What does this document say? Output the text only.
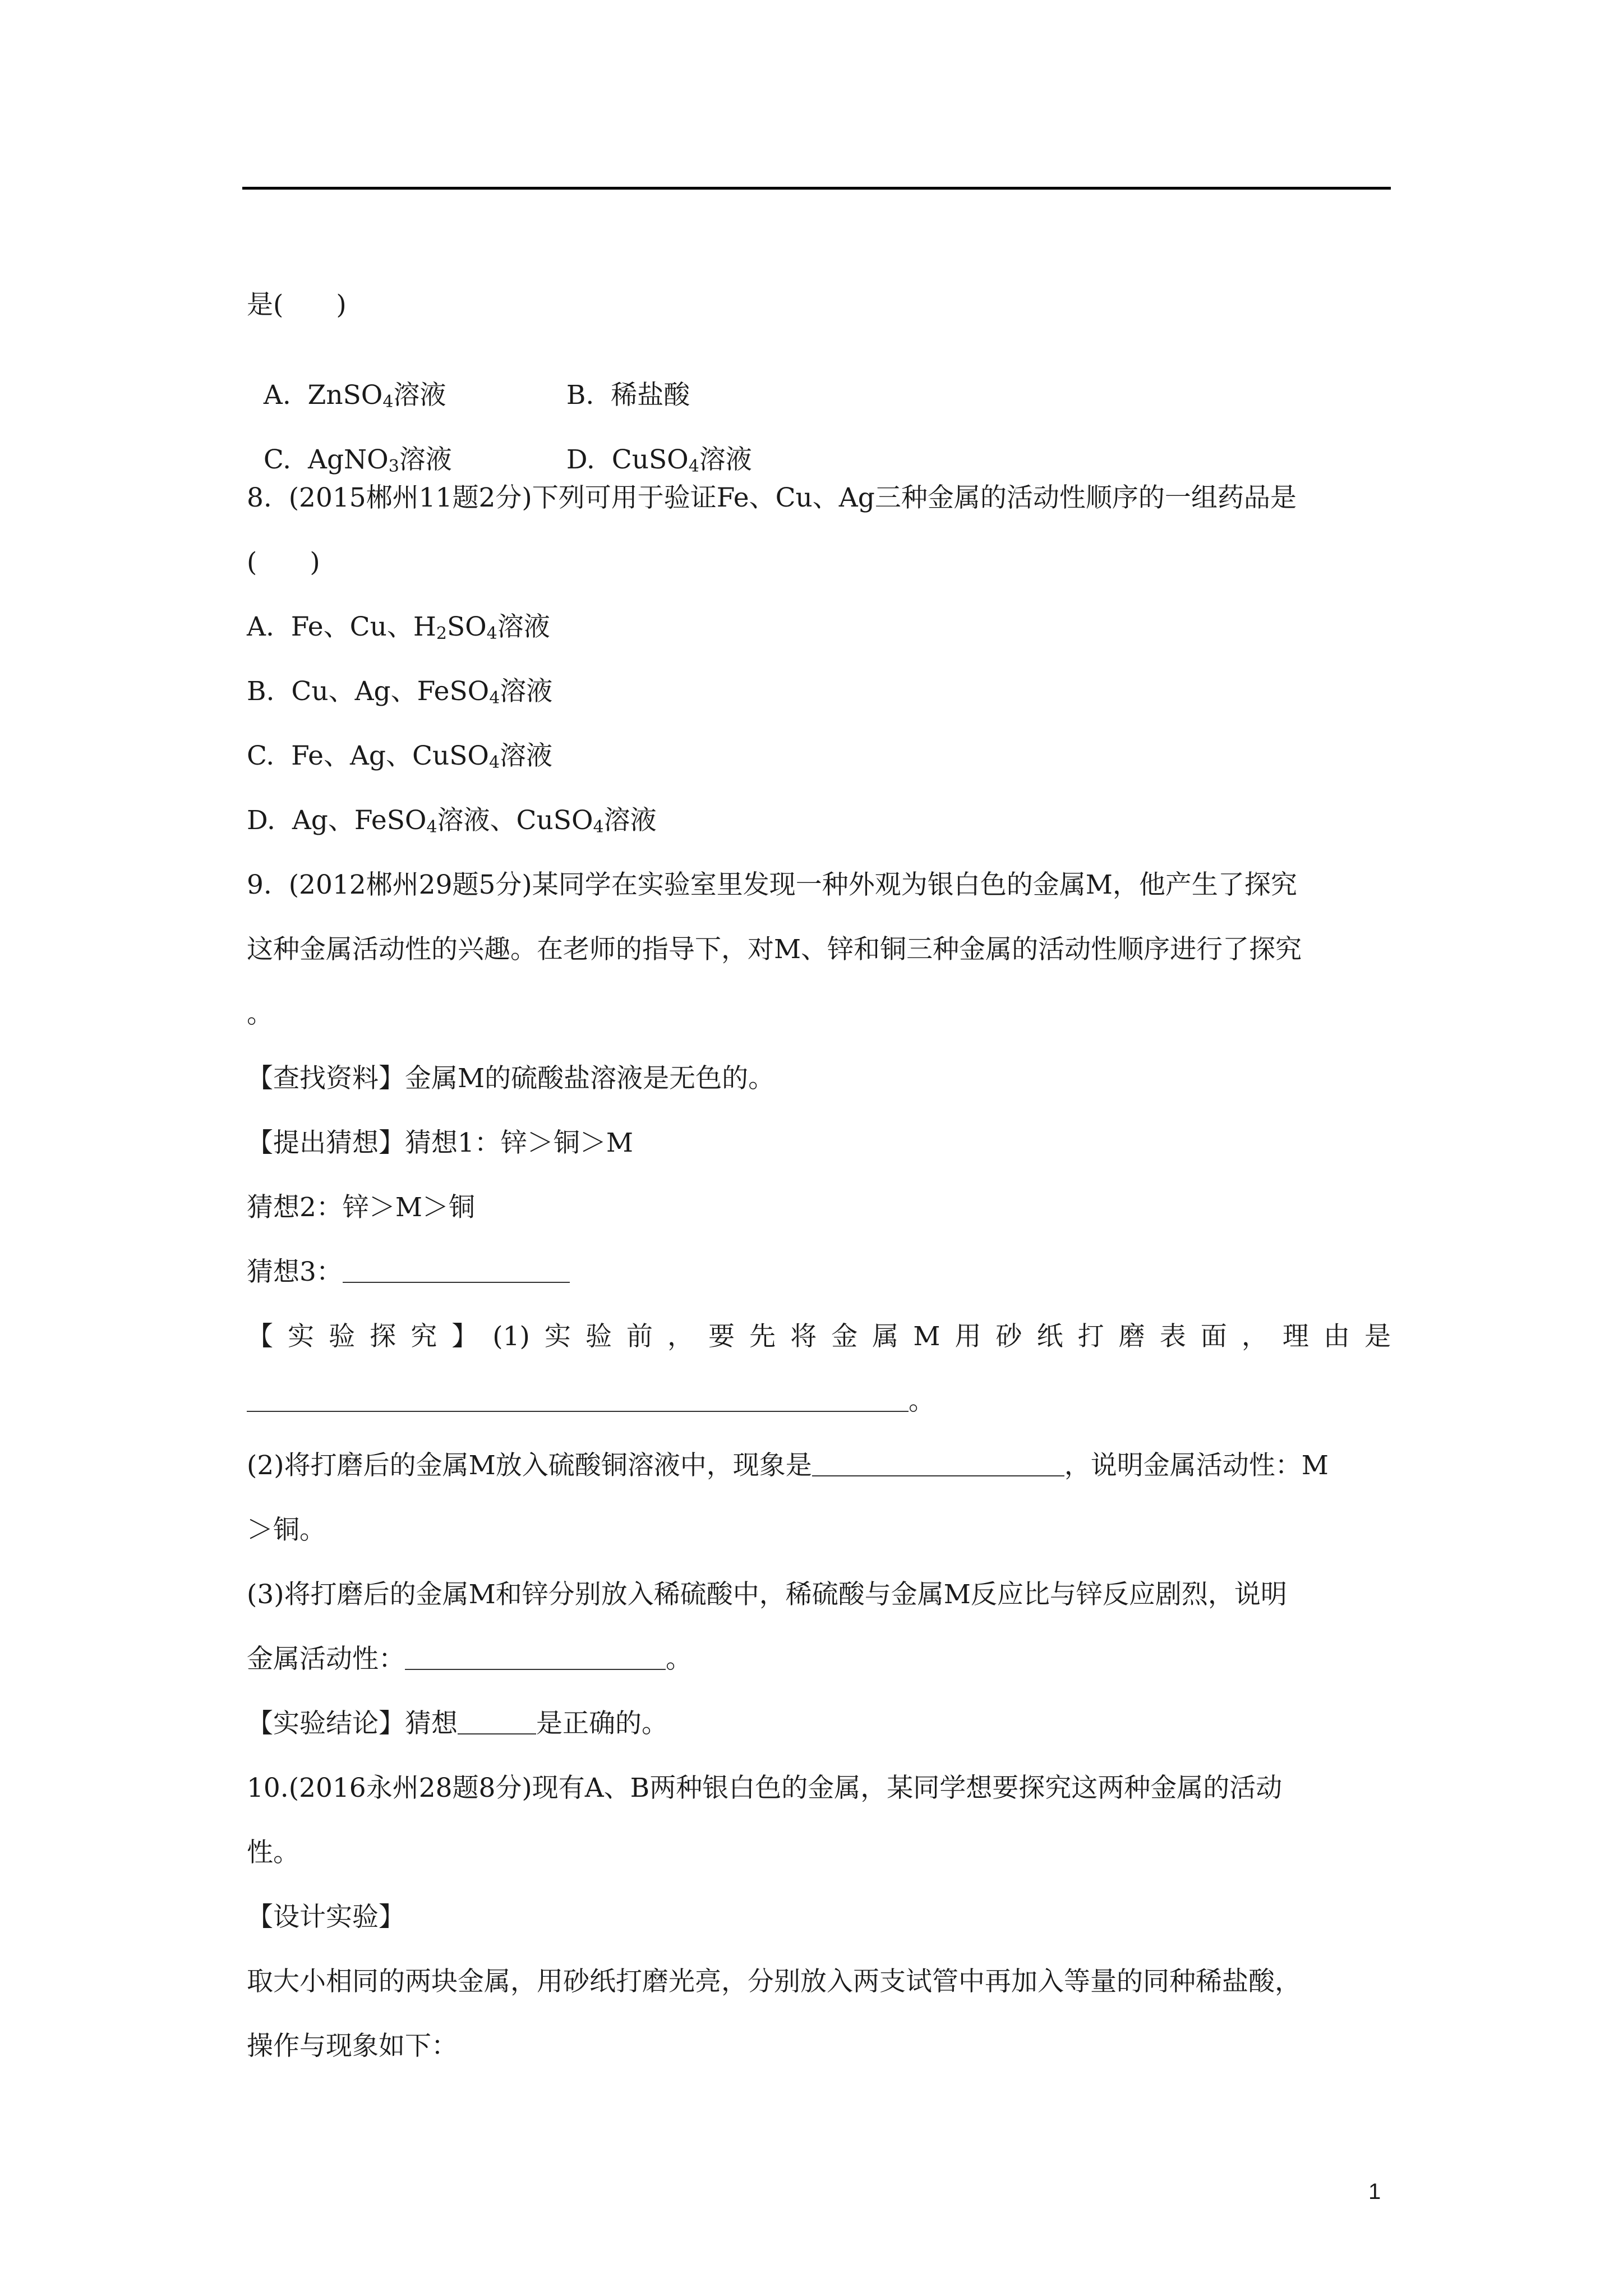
是(　　)

A. ZnSO$_4$溶液	B. 稀盐酸

C. AgNO$_3$溶液	D. CuSO$_4$溶液

8.  (2015郴州11题2分)下列可用于验证Fe、Cu、Ag三种金属的活动性顺序的一组药品是
(　　)
A.  Fe、Cu、$H_2SO_4$溶液
B.  Cu、Ag、FeSO$_4$溶液
C.  Fe、Ag、CuSO$_4$溶液
D.  Ag、FeSO$_4$溶液、CuSO$_4$溶液
9.  (2012郴州29题5分)某同学在实验室里发现一种外观为银白色的金属M，他产生了探究
这种金属活动性的兴趣。在老师的指导下，对M、锌和铜三种金属的活动性顺序进行了探究
。
【查找资料】金属M的硫酸盐溶液是无色的。
【提出猜想】猜想1：锌＞铜＞M
猜想2：锌＞M＞铜
猜想3：
【 实 验 探 究 】 (1) 实 验 前 ， 要 先 将 金 属 M 用 砂 纸 打 磨 表 面 ， 理 由 是
。
(2)将打磨后的金属M放入硫酸铜溶液中，现象是	，说明金属活动性：M
＞铜。
(3)将打磨后的金属M和锌分别放入稀硫酸中，稀硫酸与金属M反应比与锌反应剧烈，说明
金属活动性：	。
【实验结论】猜想	是正确的。
10.(2016永州28题8分)现有A、B两种银白色的金属，某同学想要探究这两种金属的活动
性。
【设计实验】
取大小相同的两块金属，用砂纸打磨光亮，分别放入两支试管中再加入等量的同种稀盐酸，
操作与现象如下：
1
